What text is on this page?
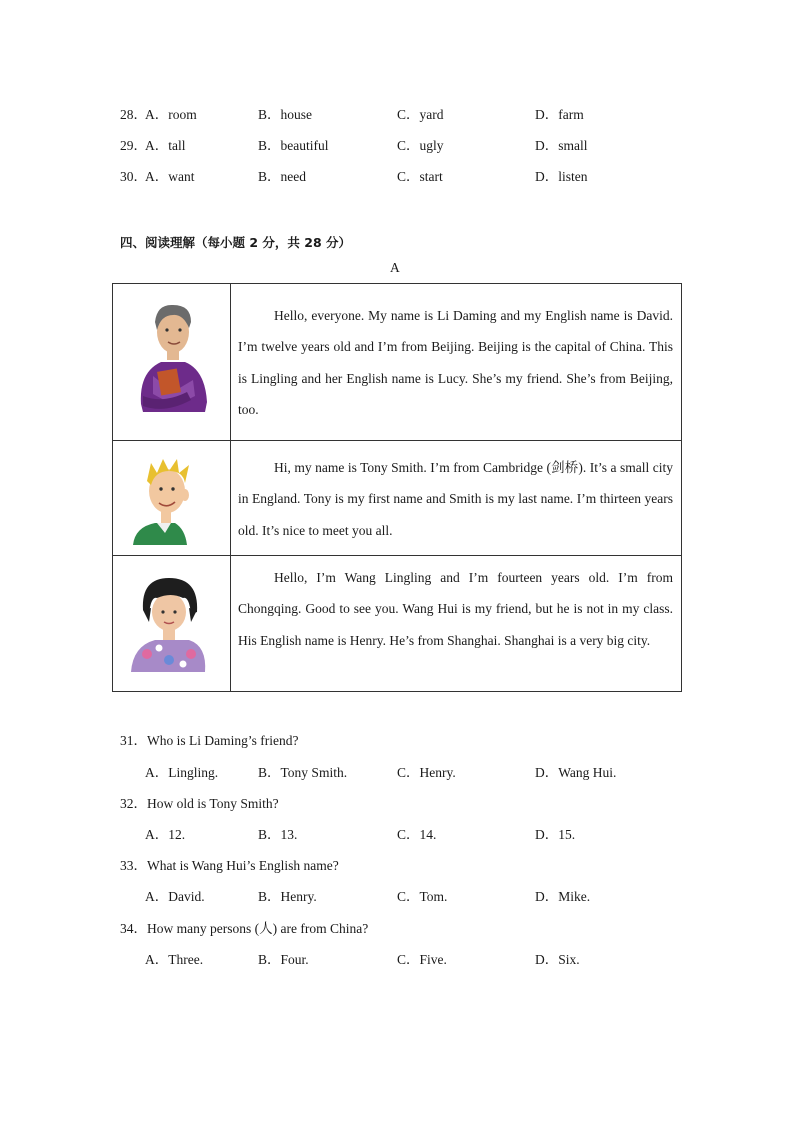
28．
A．room	B．house	C．yard	D．farm
29．
A．tall	B．beautiful	C．ugly	D．small
30．
A．want	B．need	C．start	D．listen
四、阅读理解（每小题 2 分，共 28 分）
A
Hello, everyone. My name is Li Daming and my English name is David. I’m twelve years old and I’m from Beijing. Beijing is the capital of China. This is Lingling and her English name is Lucy. She’s my friend. She’s from Beijing, too.
Hi, my name is Tony Smith. I’m from Cambridge (剑桥). It’s a small city in England. Tony is my first name and Smith is my last name. I’m thirteen years old. It’s nice to meet you all.
Hello, I’m Wang Lingling and I’m fourteen years old. I’m from Chongqing. Good to see you. Wang Hui is my friend, but he is not in my class. His English name is Henry. He’s from Shanghai. Shanghai is a very big city.
31．Who is Li Daming’s friend?
A．Lingling.	B．Tony Smith.	C．Henry.	D．Wang Hui.
32．How old is Tony Smith?
A．12.	B．13.	C．14.	D．15.
33．What is Wang Hui’s English name?
A．David.	B．Henry.	C．Tom.	D．Mike.
34．How many persons (人) are from China?
A．Three.	B．Four.	C．Five.	D．Six.
